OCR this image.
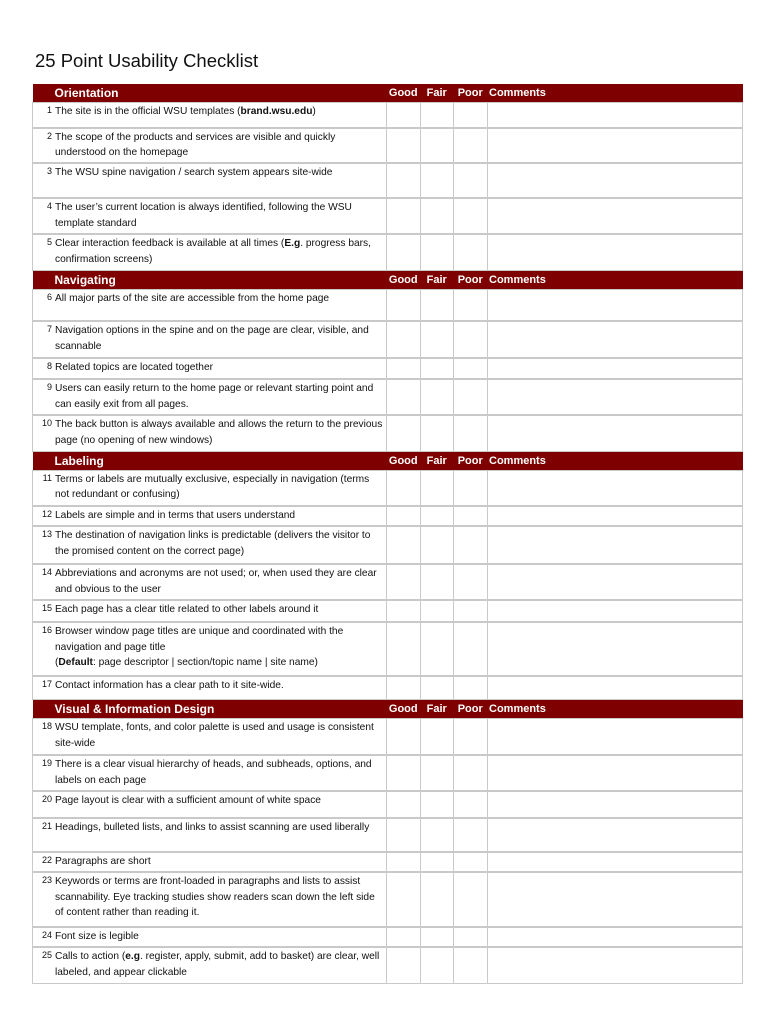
25 Point Usability Checklist
Orientation	Good	Fair	Poor	Comments

1 The site is in the official WSU templates (brand.wsu.edu)				

2 The scope of the products and services are visible and quickly understood on the homepage				

3 The WSU spine navigation / search system appears site-wide				

4 The user’s current location is always identified, following the WSU template standard				

5 Clear interaction feedback is available at all times (E.g. progress bars, confirmation screens)				
Navigating	Good	Fair	Poor	Comments

6 All major parts of the site are accessible from the home page				

7 Navigation options in the spine and on the page are clear, visible, and scannable				

8 Related topics are located together				

9 Users can easily return to the home page or relevant starting point and can easily exit from all pages.				

10 The back button is always available and allows the return to the previous page (no opening of new windows)				
Labeling	Good	Fair	Poor	Comments

11 Terms or labels are mutually exclusive, especially in navigation (terms not redundant or confusing)				

12 Labels are simple and in terms that users understand				

13 The destination of navigation links is predictable (delivers the visitor to the promised content on the correct page)				

14 Abbreviations and acronyms are not used; or, when used they are clear and obvious to the user				

15 Each page has a clear title related to other labels around it				

16 Browser window page titles are unique and coordinated with the navigation and page title
(Default: page descriptor | section/topic name | site name)				

17 Contact information has a clear path to it site-wide.				
Visual & Information Design	Good	Fair	Poor	Comments

18 WSU template, fonts, and color palette is used and usage is consistent site-wide				

19 There is a clear visual hierarchy of heads, and subheads, options, and labels on each page				

20 Page layout is clear with a sufficient amount of white space				

21 Headings, bulleted lists, and links to assist scanning are used liberally				

22 Paragraphs are short				

23 Keywords or terms are front-loaded in paragraphs and lists to assist scannability. Eye tracking studies show readers scan down the left side of content rather than reading it.				

24 Font size is legible				

25 Calls to action (e.g. register, apply, submit, add to basket) are clear, well labeled, and appear clickable				
